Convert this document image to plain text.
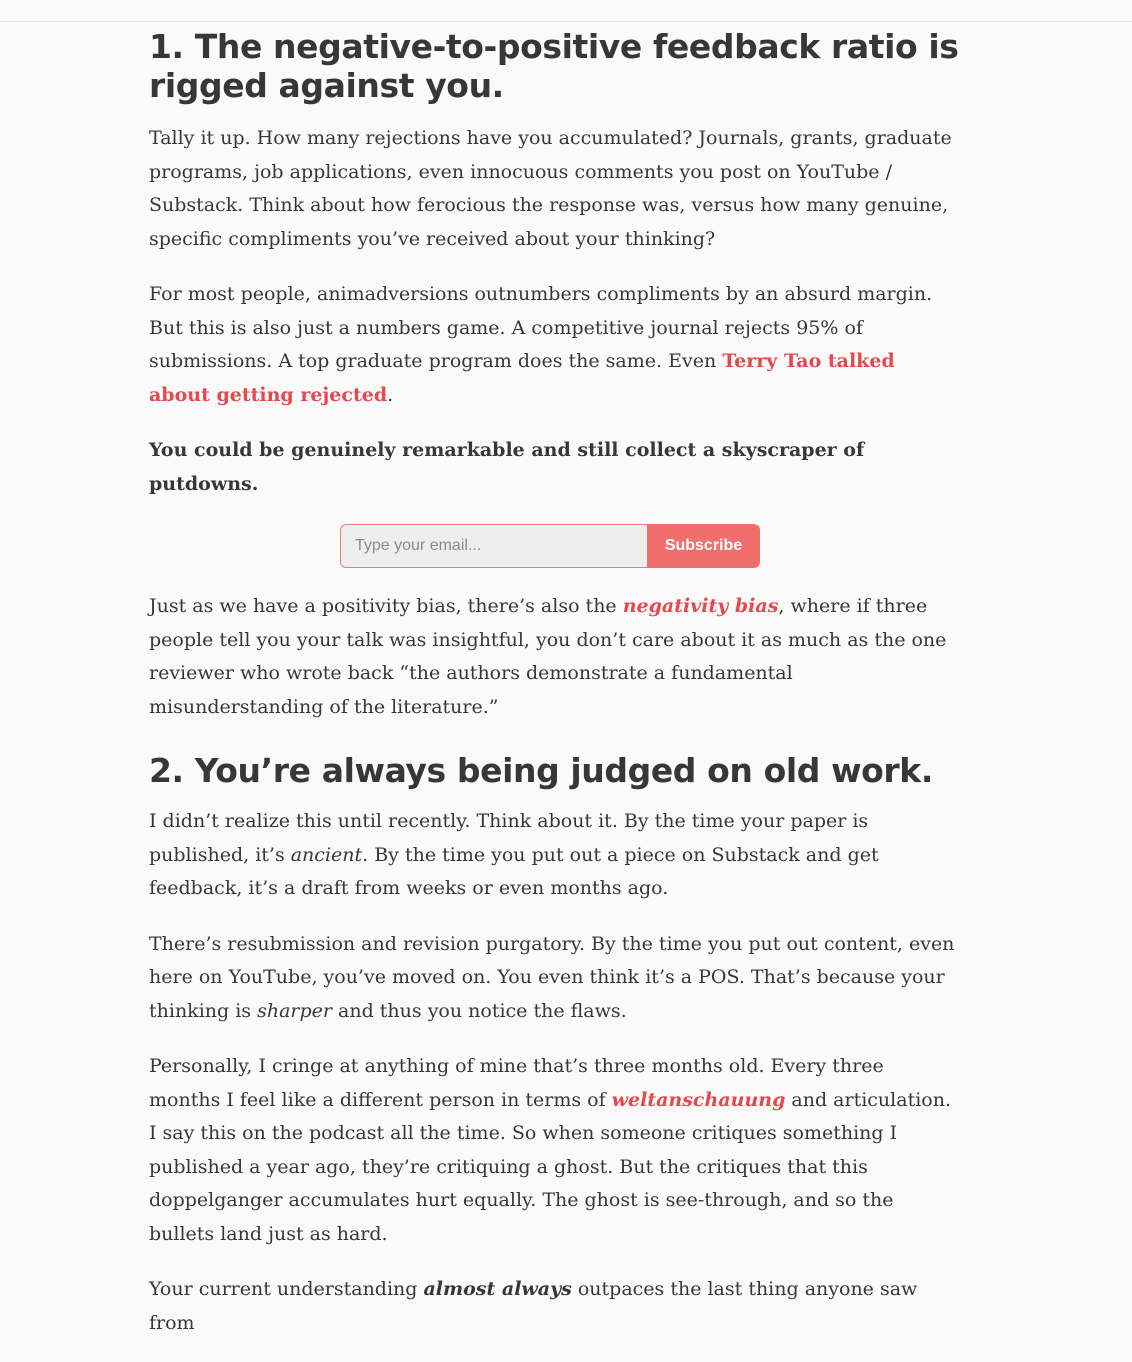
1. The negative-to-positive feedback ratio is rigged against you.

Tally it up. How many rejections have you accumulated? Journals, grants, graduate programs, job applications, even innocuous comments you post on YouTube / Substack. Think about how ferocious the response was, versus how many genuine, specific compliments you’ve received about your thinking?

For most people, animadversions outnumbers compliments by an absurd margin. But this is also just a numbers game. A competitive journal rejects 95% of submissions. A top graduate program does the same. Even Terry Tao talked about getting rejected.

You could be genuinely remarkable and still collect a skyscraper of putdowns.

Type your email...
Subscribe

Just as we have a positivity bias, there’s also the negativity bias, where if three people tell you your talk was insightful, you don’t care about it as much as the one reviewer who wrote back “the authors demonstrate a fundamental misunderstanding of the literature.”

2. You’re always being judged on old work.

I didn’t realize this until recently. Think about it. By the time your paper is published, it’s ancient. By the time you put out a piece on Substack and get feedback, it’s a draft from weeks or even months ago.

There’s resubmission and revision purgatory. By the time you put out content, even here on YouTube, you’ve moved on. You even think it’s a POS. That’s because your thinking is sharper and thus you notice the flaws.

Personally, I cringe at anything of mine that’s three months old. Every three months I feel like a different person in terms of weltanschauung and articulation. I say this on the podcast all the time. So when someone critiques something I published a year ago, they’re critiquing a ghost. But the critiques that this doppelganger accumulates hurt equally. The ghost is see-through, and so the bullets land just as hard.

Your current understanding almost always outpaces the last thing anyone saw from
